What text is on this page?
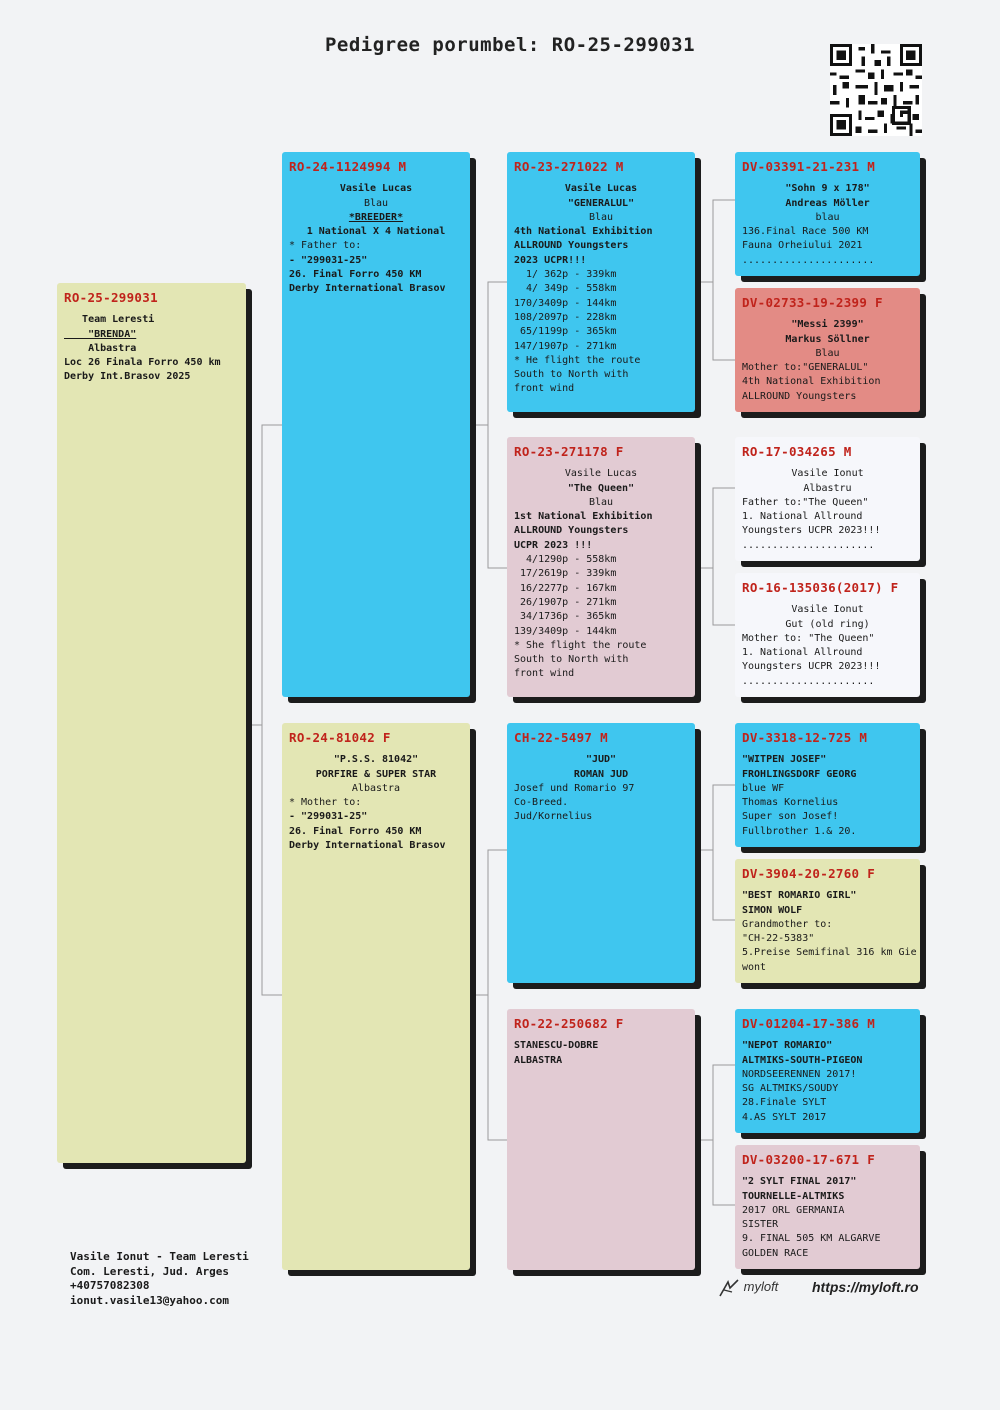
Pedigree porumbel: RO-25-299031
RO-25-299031
Team Leresti
"BRENDA"
Albastra
Loc 26 Finala Forro 450 km
Derby Int.Brasov 2025
RO-24-1124994 M
Vasile Lucas
Blau
*BREEDER*
1 National X 4 National
* Father to:
- "299031-25"
26. Final Forro 450 KM
Derby International Brasov
RO-24-81042 F
"P.S.S. 81042"
PORFIRE & SUPER STAR
Albastra
* Mother to:
- "299031-25"
26. Final Forro 450 KM
Derby International Brasov
RO-23-271022 M
Vasile Lucas
"GENERALUL"
Blau
4th National Exhibition
ALLROUND Youngsters
2023 UCPR!!!
1/ 362p - 339km
4/ 349p - 558km
170/3409p - 144km
108/2097p - 228km
65/1199p - 365km
147/1907p - 271km
* He flight the route
South to North with
front wind
RO-23-271178 F
Vasile Lucas
"The Queen"
Blau
1st National Exhibition
ALLROUND Youngsters
UCPR 2023 !!!
4/1290p - 558km
17/2619p - 339km
16/2277p - 167km
26/1907p - 271km
34/1736p - 365km
139/3409p - 144km
* She flight the route
South to North with
front wind
CH-22-5497 M
"JUD"
ROMAN JUD
Josef und Romario 97
Co-Breed.
Jud/Kornelius
RO-22-250682 F
STANESCU-DOBRE
ALBASTRA
DV-03391-21-231 M
"Sohn 9 x 178"
Andreas Möller
blau
136.Final Race 500 KM
Fauna Orheiului 2021
......................
DV-02733-19-2399 F
"Messi 2399"
Markus Söllner
Blau
Mother to:"GENERALUL"
4th National Exhibition
ALLROUND Youngsters
RO-17-034265 M
Vasile Ionut
Albastru
Father to:"The Queen"
1. National Allround
Youngsters UCPR 2023!!!
......................
RO-16-135036(2017) F
Vasile Ionut
Gut (old ring)
Mother to: "The Queen"
1. National Allround
Youngsters UCPR 2023!!!
......................
DV-3318-12-725 M
"WITPEN JOSEF"
FROHLINGSDORF GEORG
blue WF
Thomas Kornelius
Super son Josef!
Fullbrother 1.& 20.
DV-3904-20-2760 F
"BEST ROMARIO GIRL"
SIMON WOLF
Grandmother to:
"CH-22-5383"
5.Preise Semifinal 316 km Gie
wont
DV-01204-17-386 M
"NEPOT ROMARIO"
ALTMIKS-SOUTH-PIGEON
NORDSEERENNEN 2017!
SG ALTMIKS/SOUDY
28.Finale SYLT
4.AS SYLT 2017
DV-03200-17-671 F
"2 SYLT FINAL 2017"
TOURNELLE-ALTMIKS
2017 ORL GERMANIA
SISTER
9. FINAL 505 KM ALGARVE
GOLDEN RACE
Vasile Ionut - Team Leresti
Com. Leresti, Jud. Arges
+40757082308
ionut.vasile13@yahoo.com
myloft https://myloft.ro
